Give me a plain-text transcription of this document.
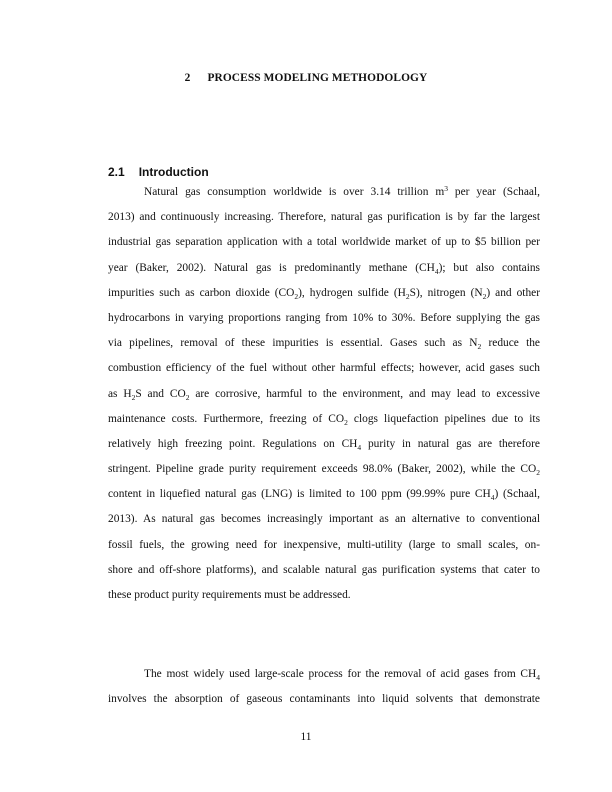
2 PROCESS MODELING METHODOLOGY
2.1 Introduction
Natural gas consumption worldwide is over 3.14 trillion $m^3$ per year (Schaal,
2013) and continuously increasing. Therefore, natural gas purification is by far the largest
industrial gas separation application with a total worldwide market of up to $5 billion per
year (Baker, 2002). Natural gas is predominantly methane $(CH_4)$; but also contains
impurities such as carbon dioxide $(CO_2)$, hydrogen sulfide $(H_2S)$, nitrogen $(N_2)$ and other
hydrocarbons in varying proportions ranging from 10% to 30%. Before supplying the gas
via pipelines, removal of these impurities is essential. Gases such as $N_2$ reduce the
combustion efficiency of the fuel without other harmful effects; however, acid gases such
as $H_2S$ and $CO_2$ are corrosive, harmful to the environment, and may lead to excessive
maintenance costs. Furthermore, freezing of $CO_2$ clogs liquefaction pipelines due to its
relatively high freezing point. Regulations on $CH_4$ purity in natural gas are therefore
stringent. Pipeline grade purity requirement exceeds 98.0% (Baker, 2002), while the $CO_2$
content in liquefied natural gas (LNG) is limited to 100 ppm (99.99% pure $CH_4$) (Schaal,
2013). As natural gas becomes increasingly important as an alternative to conventional
fossil fuels, the growing need for inexpensive, multi-utility (large to small scales, on-
shore and off-shore platforms), and scalable natural gas purification systems that cater to
these product purity requirements must be addressed.
The most widely used large-scale process for the removal of acid gases from $CH_4$
involves the absorption of gaseous contaminants into liquid solvents that demonstrate
11
